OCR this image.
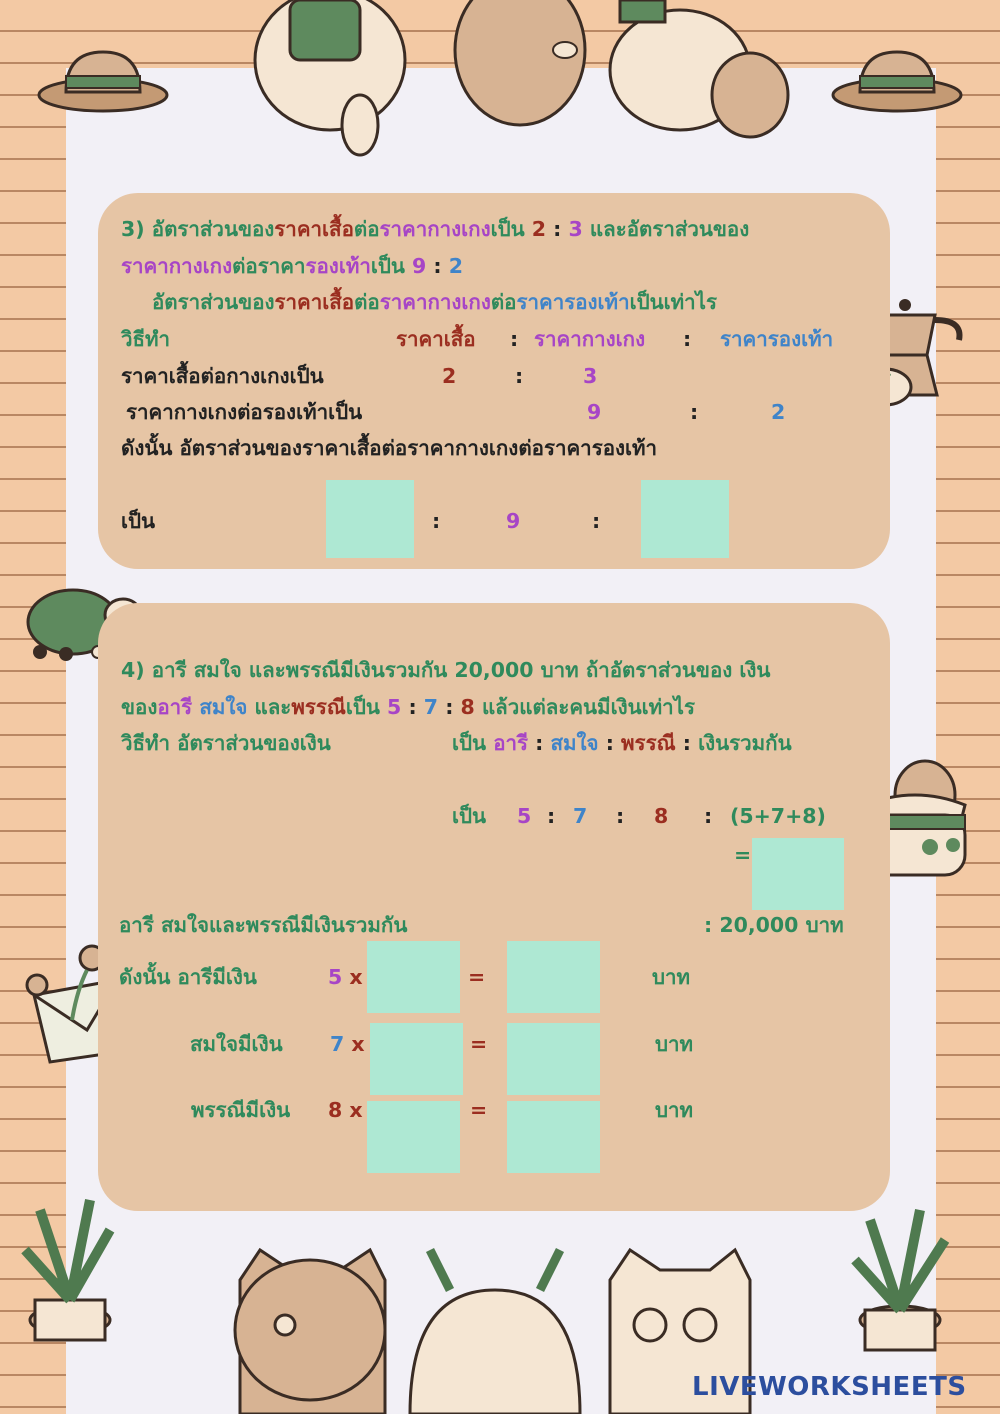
3) อัตราส่วนของราคาเสื้อต่อราคากางเกงเป็น 2 : 3 และอัตราส่วนของ
ราคากางเกงต่อราคารองเท้าเป็น 9 : 2
อัตราส่วนของราคาเสื้อต่อราคากางเกงต่อราคารองเท้าเป็นเท่าไร
วิธีทำ	ราคาเสื้อ : ราคากางเกง : ราคารองเท้า
ราคาเสื้อต่อกางเกงเป็น	2	:	3
ราคากางเกงต่อรองเท้าเป็น	9	:	2
ดังนั้น อัตราส่วนของราคาเสื้อต่อราคากางเกงต่อราคารองเท้า
เป็น	:	9	:
4) อารี สมใจ และพรรณีมีเงินรวมกัน 20,000 บาท ถ้าอัตราส่วนของ เงิน
ของอารี สมใจ และพรรณีเป็น 5 : 7 : 8 แล้วแต่ละคนมีเงินเท่าไร
วิธีทำ อัตราส่วนของเงิน	เป็น อารี : สมใจ : พรรณี : เงินรวมกัน
เป็น 5 : 7 : 8 : (5+7+8)
=
อารี สมใจและพรรณีมีเงินรวมกัน	: 20,000 บาท
ดังนั้น อารีมีเงิน	5 x	=	บาท
สมใจมีเงิน 7 x	=	บาท
พรรณีมีเงิน 8 x	=	บาท
LIVEWORKSHEETS
